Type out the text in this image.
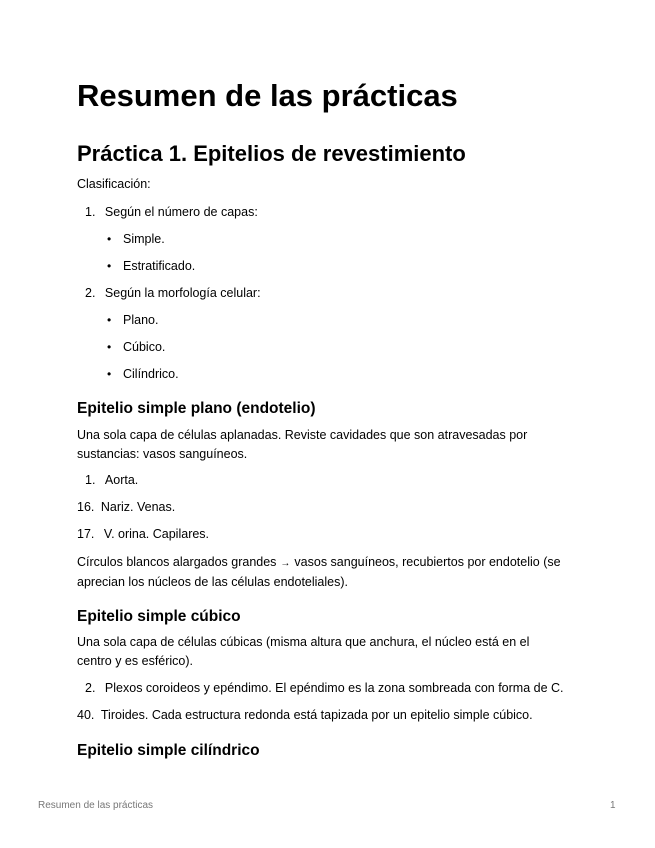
Resumen de las prácticas
Práctica 1. Epitelios de revestimiento

Clasificación:

1. Según el número de capas:
• Simple.
• Estratificado.
2. Según la morfología celular:
• Plano.
• Cúbico.
• Cilíndrico.
Epitelio simple plano (endotelio)

Una sola capa de células aplanadas. Reviste cavidades que son atravesadas por sustancias: vasos sanguíneos.

1. Aorta.
16. Nariz. Venas.
17. V. orina. Capilares.

Círculos blancos alargados grandes → vasos sanguíneos, recubiertos por endotelio (se aprecian los núcleos de las células endoteliales).

Epitelio simple cúbico

Una sola capa de células cúbicas (misma altura que anchura, el núcleo está en el centro y es esférico).

2. Plexos coroideos y epéndimo. El epéndimo es la zona sombreada con forma de C.
40. Tiroides. Cada estructura redonda está tapizada por un epitelio simple cúbico.
Epitelio simple cilíndrico
Resumen de las prácticas	1
